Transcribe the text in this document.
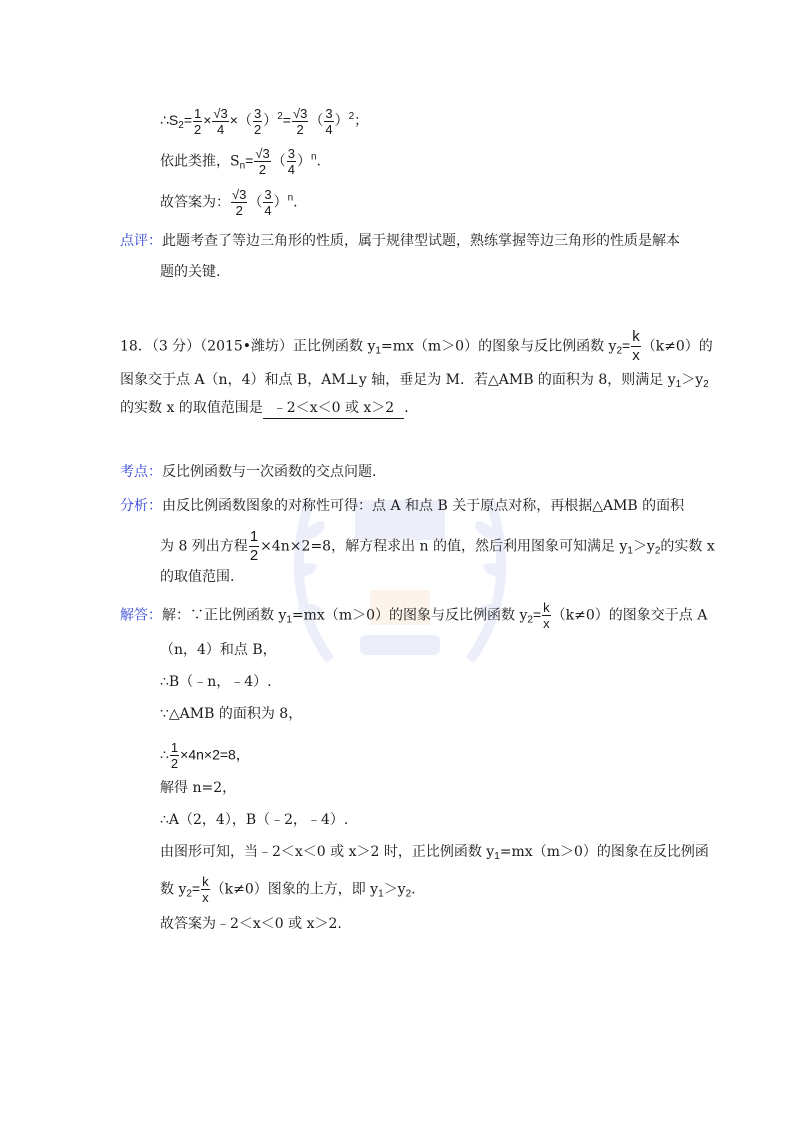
$\therefore S_2= \frac{1}{2} \times \frac{√3}{4}$ ×（ $\frac{3}{2} )^2= \frac{√3}{2}$ （ $\frac{3}{4} )^2$；
依此类推，$S_n= \frac{√3}{2}$ （ $\frac{3}{4} )^n$.
故答案为： $\frac{√3}{2}$ （ $\frac{3}{4} )^n$.
点评：此题考查了等边三角形的性质，属于规律型试题，熟练掌握等边三角形的性质是解本
题的关键.
18．（3 分）（2015•潍坊）正比例函数 $y_1=mx(m>0)$的图象与反比例函数 $y_2= \frac{k}{x} (k\ne 0)$的
图象交于点 A（n，4）和点 B，AM⊥y 轴，垂足为 M．若△AMB 的面积为 8，则满足 $y_1>y_2$
的实数 x 的取值范围是 ﹣2＜x＜0 或 x＞2 ．
考点：反比例函数与一次函数的交点问题.
分析：由反比例函数图象的对称性可得：点 A 和点 B 关于原点对称，再根据△AMB 的面积
为 8 列出方程 $\frac{1}{2} \times 4n\times 2=8$，解方程求出 n 的值，然后利用图象可知满足 $y_1>y_2$的实数 x
的取值范围.
解答：解：∵正比例函数 $y_1=mx(m>0)$的图象与反比例函数 $y_2= \frac{k}{x} (k\ne 0)$的图象交于点 A
（n，4）和点 B，
∴B（﹣n，﹣4）.
∵△AMB 的面积为 8，
∴ $\frac{1}{2} \times 4n\times 2=8$，
解得 n=2，
∴A（2，4），B（﹣2，﹣4）.
由图形可知，当﹣2＜x＜0 或 x＞2 时，正比例函数 $y_1=mx(m>0)$的图象在反比例函
数 $y_2= \frac{k}{x} (k\ne 0)$图象的上方，即 $y_1>y_2$.
故答案为﹣2＜x＜0 或 x＞2.
